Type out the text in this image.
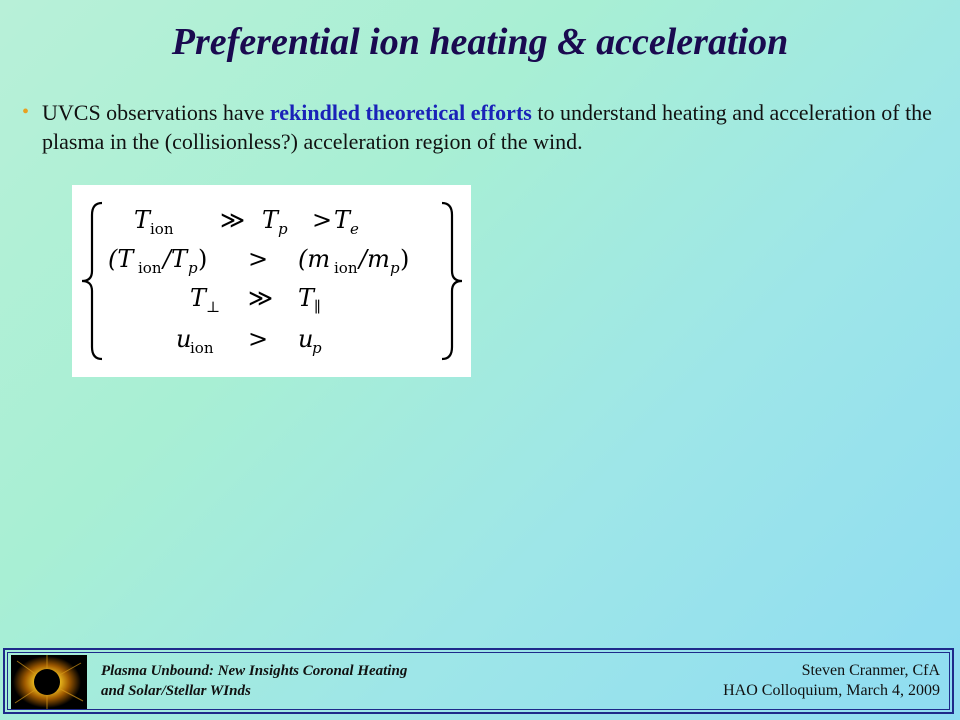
Preferential ion heating & acceleration
• UVCS observations have rekindled theoretical efforts to understand heating and acceleration of the plasma in the (collisionless?) acceleration region of the wind.
T ion ≫ T p > T e
(T ion /T p ) > (m ion /m p )
T ⊥ ≫ T ∥
u
ion > u
p
Plasma Unbound: New Insights Coronal Heating
and Solar/Stellar WInds
Steven Cranmer, CfA
HAO Colloquium, March 4, 2009
